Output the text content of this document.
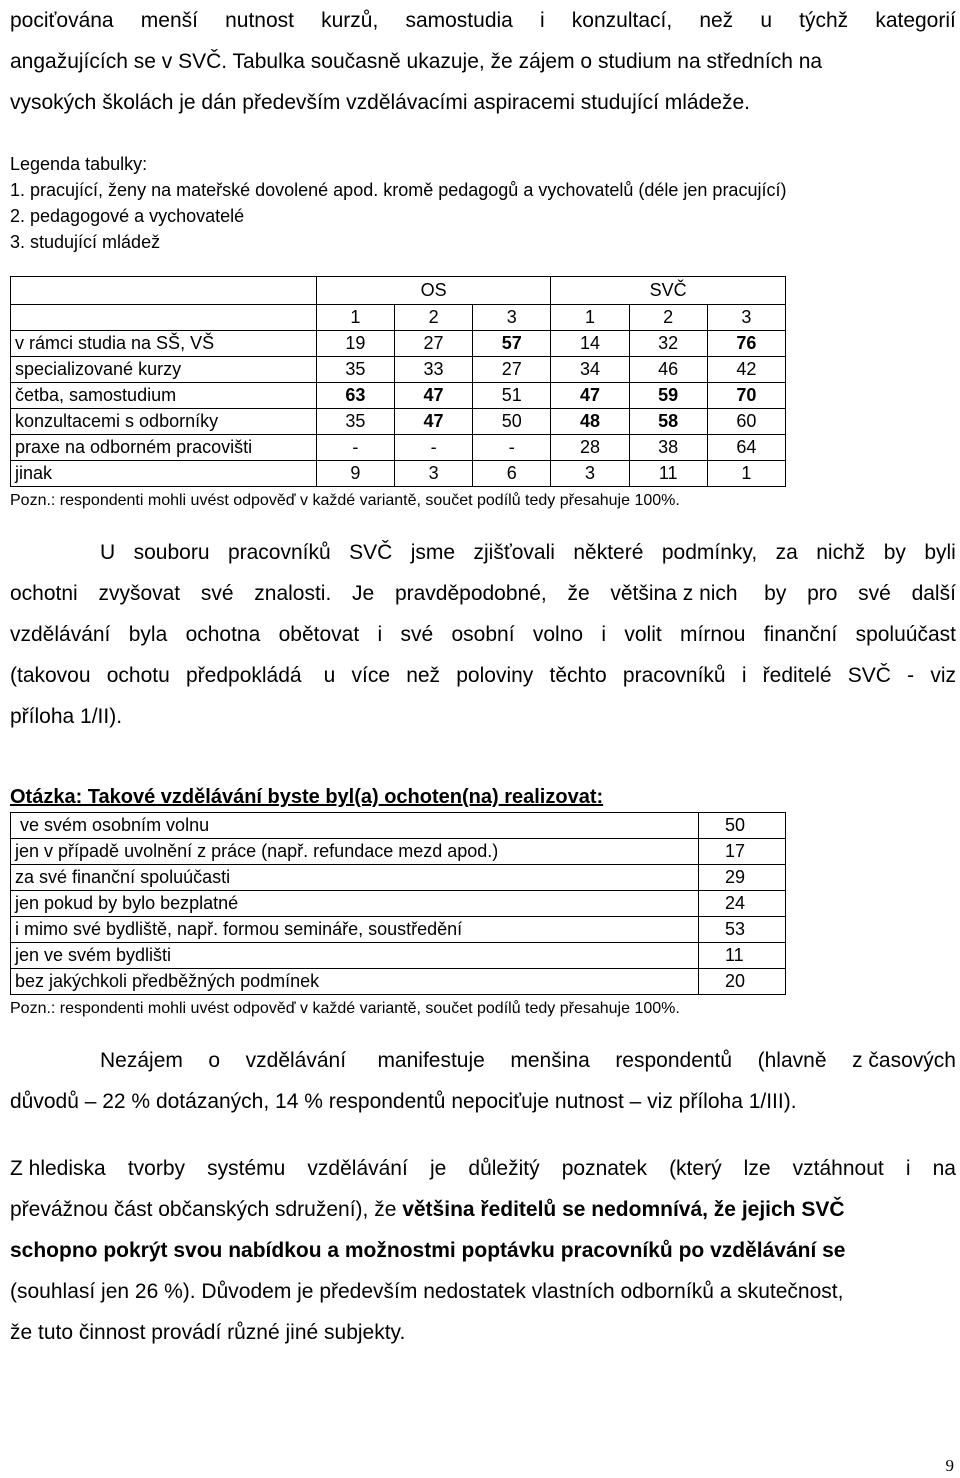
pociťována menší nutnost kurzů, samostudia i konzultací, než u týchž kategorií
angažujících se v SVČ. Tabulka současně ukazuje, že zájem o studium na středních na
vysokých školách je dán především vzdělávacími aspiracemi studující mládeže.
Legenda tabulky:
1. pracující, ženy na mateřské dovolené apod. kromě pedagogů a vychovatelů (déle jen pracující)
2. pedagogové a vychovatelé
3. studující mládež
	OS			SVČ		
	1	2	3	1	2	3
v rámci studia na SŠ, VŠ	19	27	57	14	32	76
specializované kurzy	35	33	27	34	46	42
četba, samostudium	63	47	51	47	59	70
konzultacemi s odborníky	35	47	50	48	58	60
praxe na odborném pracovišti	-	-	-	28	38	64
jinak	9	3	6	3	11	1
Pozn.: respondenti mohli uvést odpověď v každé variantě, součet podílů tedy přesahuje 100%.
U souboru pracovníků SVČ jsme zjišťovali některé podmínky, za nichž by byli
ochotni zvyšovat své znalosti. Je pravděpodobné, že většina z nich by pro své další
vzdělávání byla ochotna obětovat i své osobní volno i volit mírnou finanční spoluúčast
(takovou ochotu předpokládá u více než poloviny těchto pracovníků i ředitelé SVČ - viz
příloha 1/II).
Otázka: Takové vzdělávání byste byl(a) ochoten(na) realizovat:
ve svém osobním volnu	50
jen v případě uvolnění z práce (např. refundace mezd apod.)	17
za své finanční spoluúčasti	29
jen pokud by bylo bezplatné	24
i mimo své bydliště, např. formou semináře, soustředění	53
jen ve svém bydlišti	11
bez jakýchkoli předběžných podmínek	20
Pozn.: respondenti mohli uvést odpověď v každé variantě, součet podílů tedy přesahuje 100%.
Nezájem o vzdělávání manifestuje menšina respondentů (hlavně z časových
důvodů – 22 % dotázaných, 14 % respondentů nepociťuje nutnost – viz příloha 1/III).
Z hlediska tvorby systému vzdělávání je důležitý poznatek (který lze vztáhnout i na
převážnou část občanských sdružení), že většina ředitelů se nedomnívá, že jejich SVČ
schopno pokrýt svou nabídkou a možnostmi poptávku pracovníků po vzdělávání se
(souhlasí jen 26 %). Důvodem je především nedostatek vlastních odborníků a skutečnost,
že tuto činnost provádí různé jiné subjekty.
9
